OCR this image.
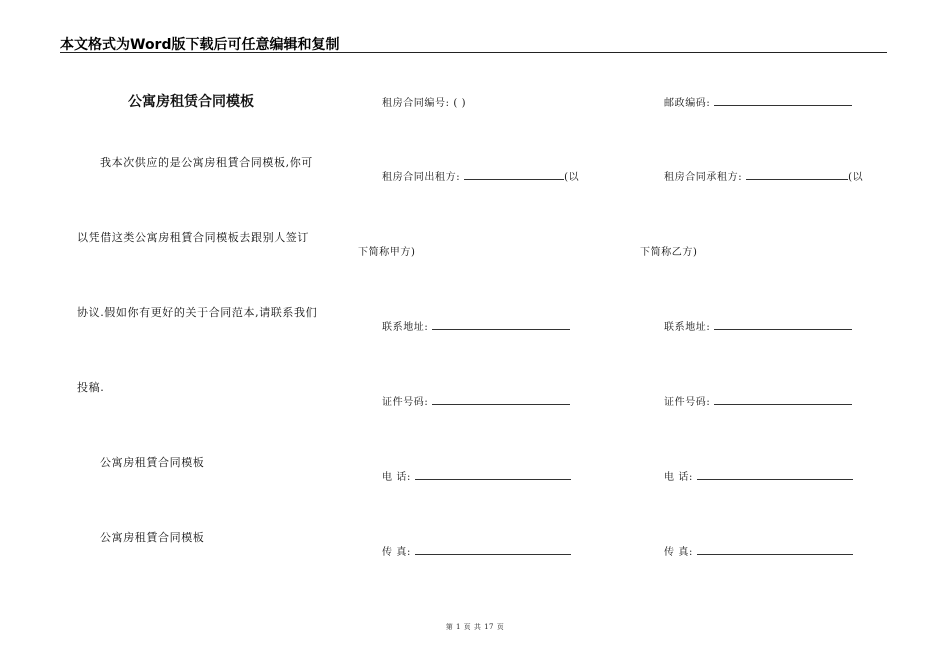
本文格式为Word版下载后可任意编辑和复制
公寓房租赁合同模板
我本次供应的是公寓房租賃合同模板,你可
以凭借这类公寓房租賃合同模板去跟别人签订
协议.假如你有更好的关于合同范本,请联系我们
投稿.
公寓房租賃合同模板
公寓房租賃合同模板
租房合同编号: ( )
租房合同出租方:	(以
下简称甲方)
联系地址:
证件号码:
电 话:
传 真:
邮政编码:
租房合同承租方:	(以
下简称乙方)
联系地址:
证件号码:
电 话:
传 真:
第 1 页 共 17 页
